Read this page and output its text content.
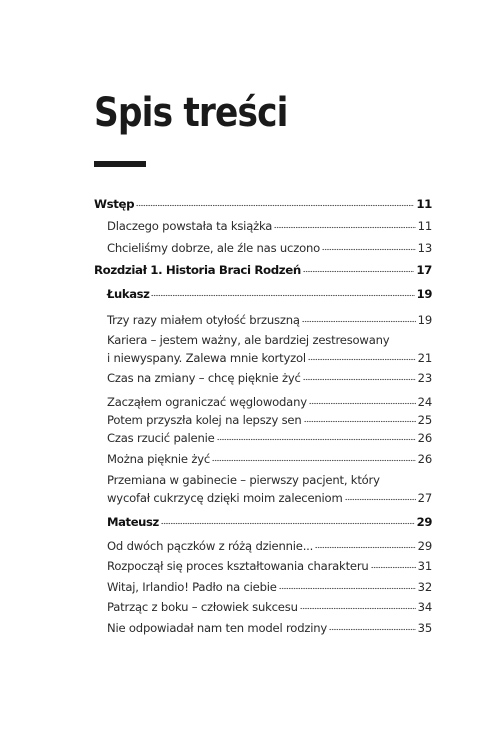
Spis treści
Wstęp	11
Dlaczego powstała ta książka	11
Chcieliśmy dobrze, ale źle nas uczono	13
Rozdział 1. Historia Braci Rodzeń	17
Łukasz	19
Trzy razy miałem otyłość brzuszną	19
Kariera – jestem ważny, ale bardziej zestresowany
i niewyspany. Zalewa mnie kortyzol	21
Czas na zmiany – chcę pięknie żyć	23
Zacząłem ograniczać węglowodany	24
Potem przyszła kolej na lepszy sen	25
Czas rzucić palenie	26
Można pięknie żyć	26
Przemiana w gabinecie – pierwszy pacjent, który
wycofał cukrzycę dzięki moim zaleceniom	27
Mateusz	29
Od dwóch pączków z różą dziennie...	29
Rozpoczął się proces kształtowania charakteru	31
Witaj, Irlandio! Padło na ciebie	32
Patrząc z boku – człowiek sukcesu	34
Nie odpowiadał nam ten model rodziny	35
